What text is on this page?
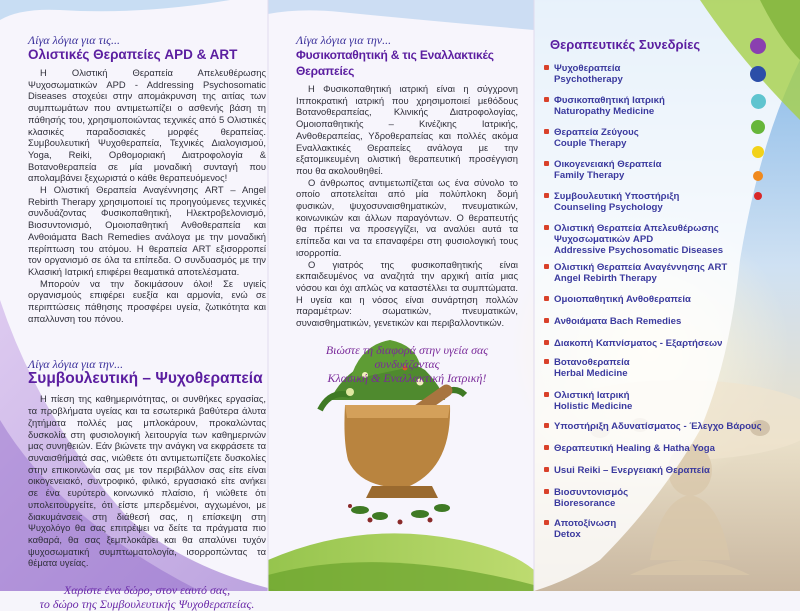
Λίγα λόγια για τις...
Ολιστικές Θεραπείες APD & ART

Η Ολιστική Θεραπεία Απελευθέρωσης Ψυχοσωματικών APD - Addressing Psychosomatic Diseases στοχεύει στην απομάκρυνση της αιτίας των συμπτωμάτων που αντιμετωπίζει ο ασθενής βάση τη πάθησής του, χρησιμοποιώντας τεχνικές από 5 Ολιστικές κλασικές παραδοσιακές μορφές θεραπείας. Συμβουλευτική Ψυχοθεραπεία, Τεχνικές Διαλογισμού, Yoga, Reiki, Ορθομοριακή Διατροφολογία & Βοτανοθεραπεία σε μία μοναδική συνταγή που απολαμβάνει ξεχωριστά ο κάθε θεραπευόμενος!

Η Ολιστική Θεραπεία Αναγέννησης ART – Angel Rebirth Therapy χρησιμοποιεί τις προηγούμενες τεχνικές συνδυάζοντας Φυσικοπαθητική, Ηλεκτροβελονισμό, Βιοσυντονισμό, Ομοιοπαθητική Ανθοθεραπεία και Ανθοιάματα Bach Remedies ανάλογα με την μοναδική περίπτωση του ατόμου. Η θεραπεία ART εξισορροπεί τον οργανισμό σε όλα τα επίπεδα. Ο συνδυασμός με την Κλασική Ιατρική επιφέρει θεαματικά αποτελέσματα.

Μπορούν να την δοκιμάσουν όλοι! Σε υγιείς οργανισμούς επιφέρει ευεξία και αρμονία, ενώ σε περιπτώσεις πάθησης προσφέρει υγεία, ζωτικότητα και απαλλυνση του πόνου.

Λίγα λόγια για την...
Συμβουλευτική – Ψυχοθεραπεία

Η πίεση της καθημερινότητας, οι συνθήκες εργασίας, τα προβλήματα υγείας και τα εσωτερικά βαθύτερα άλυτα ζητήματα πολλές μας μπλοκάρουν, προκαλώντας δυσκολία στη φυσιολογική λειτουργία των καθημερινών μας συνηθειών. Εάν βιώνετε την ανάγκη να εκφράσετε τα συναισθήματά σας, νιώθετε ότι αντιμετωπίζετε δυσκολίες στην επικοινωνία σας με τον περιβάλλον σας είτε είναι οικογενειακό, συντροφικό, φιλικό, εργασιακό είτε ανήκει σε ένα ευρύτερο κοινωνικό πλαίσιο, ή νιώθετε ότι υπολειτουργείτε, ότι είστε μπερδεμένοι, αγχωμένοι, με διακυμάνσεις στη διάθεσή σας, η επίσκεψη στη Ψυχολόγο θα σας επιτρέψει να δείτε τα πράγματα πιο καθαρά, θα σας ξεμπλοκάρει και θα απαλύνει τυχόν ψυχοσωματική συμπτωματολογία, ισορροπώντας τα θέματα υγείας.

Χαρίστε ένα δώρο, στον εαυτό σας,
το δώρο της Συμβουλευτικής Ψυχοθεραπείας.
Λίγα λόγια για την...
Φυσικοπαθητική & τις Εναλλακτικές Θεραπείες

Η Φυσικοπαθητική ιατρική είναι η σύγχρονη Ιπποκρατική ιατρική που χρησιμοποιεί μεθόδους Βοτανοθεραπείας, Κλινικής Διατροφολογίας, Ομοιοπαθητικής – Κινέζικης Ιατρικής, Ανθοθεραπείας, Υδροθεραπείας και πολλές ακόμα Εναλλακτικές Θεραπείες ανάλογα με την εξατομικευμένη ολιστική θεραπευτική προσέγγιση που θα ακολουθηθεί.

Ο άνθρωπος αντιμετωπίζεται ως ένα σύνολο το οποίο αποτελείται από μία πολύπλοκη δομή φυσικών, ψυχοσυναισθηματικών, πνευματικών, κοινωνικών και άλλων παραγόντων. Ο θεραπευτής θα πρέπει να προσεγγίζει, να αναλύει αυτά τα επίπεδα και να τα επαναφέρει στη φυσιολογική τους ισορροπία.

Ο γιατρός της φυσικοπαθητικής είναι εκπαιδευμένος να αναζητά την αρχική αιτία μιας νόσου και όχι απλώς να καταστέλλει τα συμπτώματα. Η υγεία και η νόσος είναι συνάρτηση πολλών παραμέτρων: σωματικών, πνευματικών, συναισθηματικών, γενετικών και περιβαλλοντικών.

Βιώστε τη διαφορά στην υγεία σας συνδυάζοντας
Κλασική & Εναλλακτική Ιατρική!
Θεραπευτικές Συνεδρίες
Ψυχοθεραπεία
Psychotherapy
Φυσικοπαθητική Ιατρική
Naturopathy Medicine
Θεραπεία Ζεύγους
Couple Therapy
Οικογενειακή Θεραπεία
Family Therapy
Συμβουλευτική Υποστήριξη
Counseling Psychology
Ολιστική Θεραπεία Απελευθέρωσης Ψυχοσωματικών APD
Addressive Psychosomatic Diseases
Ολιστική Θεραπεία Αναγέννησης ART
Angel Rebirth Therapy
Ομοιοπαθητική Ανθοθεραπεία
Ανθοιάματα Bach Remedies
Διακοπή Καπνίσματος - Εξαρτήσεων
Βοτανοθεραπεία
Herbal Medicine
Ολιστική Ιατρική
Holistic Medicine
Υποστήριξη Αδυνατίσματος - Έλεγχο Βάρους
Θεραπευτική Healing & Hatha Yoga
Usui Reiki – Ενεργειακή Θεραπεία
Βιοσυντονισμός
Bioresorance
Αποτοξίνωση
Detox
